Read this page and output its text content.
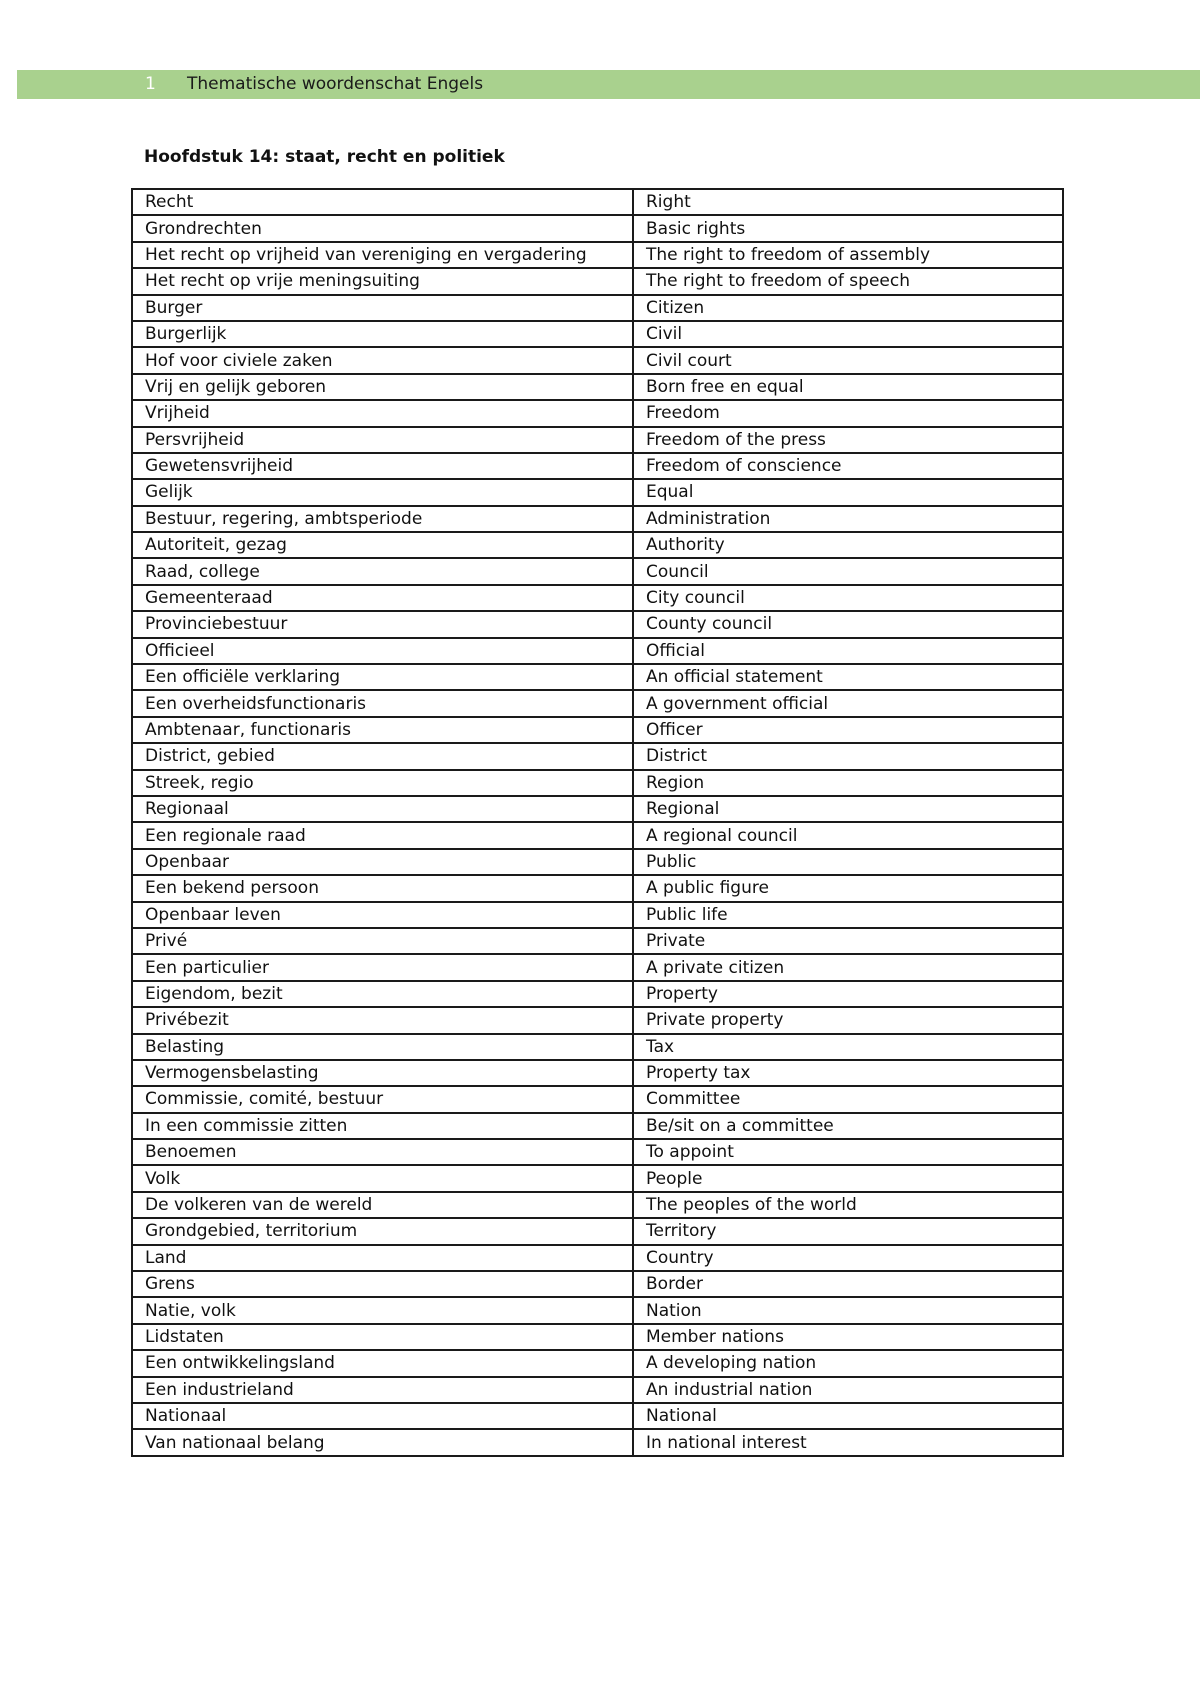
1 Thematische woordenschat Engels
Hoofdstuk 14: staat, recht en politiek
Recht	Right
Grondrechten	Basic rights
Het recht op vrijheid van vereniging en vergadering	The right to freedom of assembly
Het recht op vrije meningsuiting	The right to freedom of speech
Burger	Citizen
Burgerlijk	Civil
Hof voor civiele zaken	Civil court
Vrij en gelijk geboren	Born free en equal
Vrijheid	Freedom
Persvrijheid	Freedom of the press
Gewetensvrijheid	Freedom of conscience
Gelijk	Equal
Bestuur, regering, ambtsperiode	Administration
Autoriteit, gezag	Authority
Raad, college	Council
Gemeenteraad	City council
Provinciebestuur	County council
Officieel	Official
Een officiële verklaring	An official statement
Een overheidsfunctionaris	A government official
Ambtenaar, functionaris	Officer
District, gebied	District
Streek, regio	Region
Regionaal	Regional
Een regionale raad	A regional council
Openbaar	Public
Een bekend persoon	A public figure
Openbaar leven	Public life
Privé	Private
Een particulier	A private citizen
Eigendom, bezit	Property
Privébezit	Private property
Belasting	Tax
Vermogensbelasting	Property tax
Commissie, comité, bestuur	Committee
In een commissie zitten	Be/sit on a committee
Benoemen	To appoint
Volk	People
De volkeren van de wereld	The peoples of the world
Grondgebied, territorium	Territory
Land	Country
Grens	Border
Natie, volk	Nation
Lidstaten	Member nations
Een ontwikkelingsland	A developing nation
Een industrieland	An industrial nation
Nationaal	National
Van nationaal belang	In national interest
